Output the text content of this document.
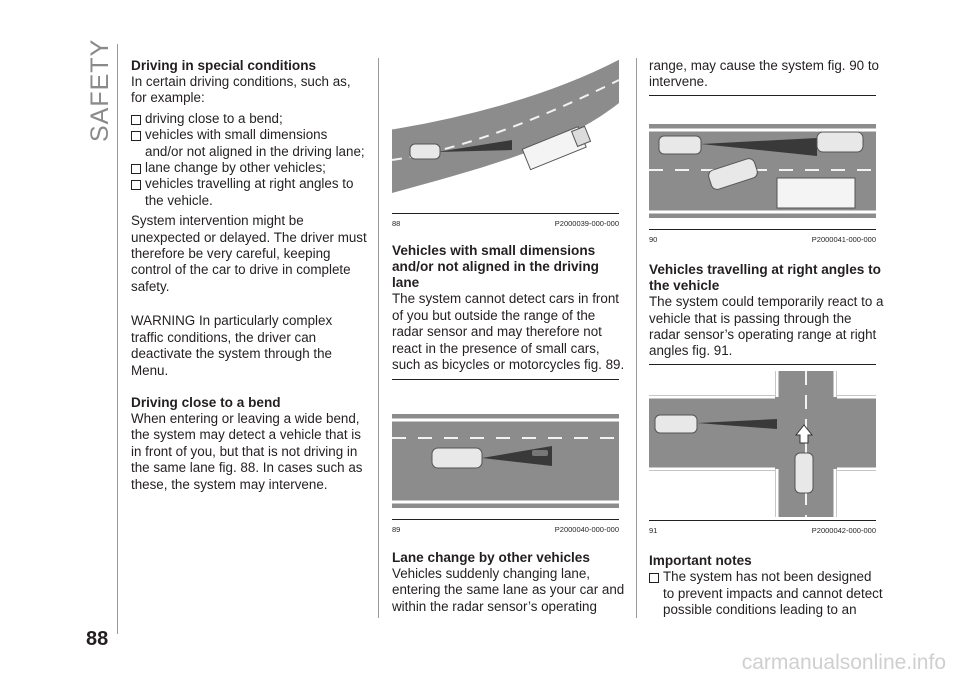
SAFETY
88
Driving in special conditions

In certain driving conditions, such as, for example:

driving close to a bend;

vehicles with small dimensions and/or not aligned in the driving lane;

lane change by other vehicles;

vehicles travelling at right angles to the vehicle.

System intervention might be unexpected or delayed. The driver must therefore be very careful, keeping control of the car to drive in complete safety.

WARNING In particularly complex traffic conditions, the driver can deactivate the system through the Menu.

Driving close to a bend

When entering or leaving a wide bend, the system may detect a vehicle that is in front of you, but that is not driving in the same lane fig. 88. In cases such as these, the system may intervene.

88	P2000039-000-000
Vehicles with small dimensions and/or not aligned in the driving lane

The system cannot detect cars in front of you but outside the range of the radar sensor and may therefore not react in the presence of small cars, such as bicycles or motorcycles fig. 89.

89	P2000040-000-000
Lane change by other vehicles

Vehicles suddenly changing lane, entering the same lane as your car and within the radar sensor’s operating

range, may cause the system fig. 90 to intervene.

90	P2000041-000-000
Vehicles travelling at right angles to the vehicle

The system could temporarily react to a vehicle that is passing through the radar sensor’s operating range at right angles fig. 91.

91	P2000042-000-000
Important notes

The system has not been designed to prevent impacts and cannot detect possible conditions leading to an

carmanualsonline.info
